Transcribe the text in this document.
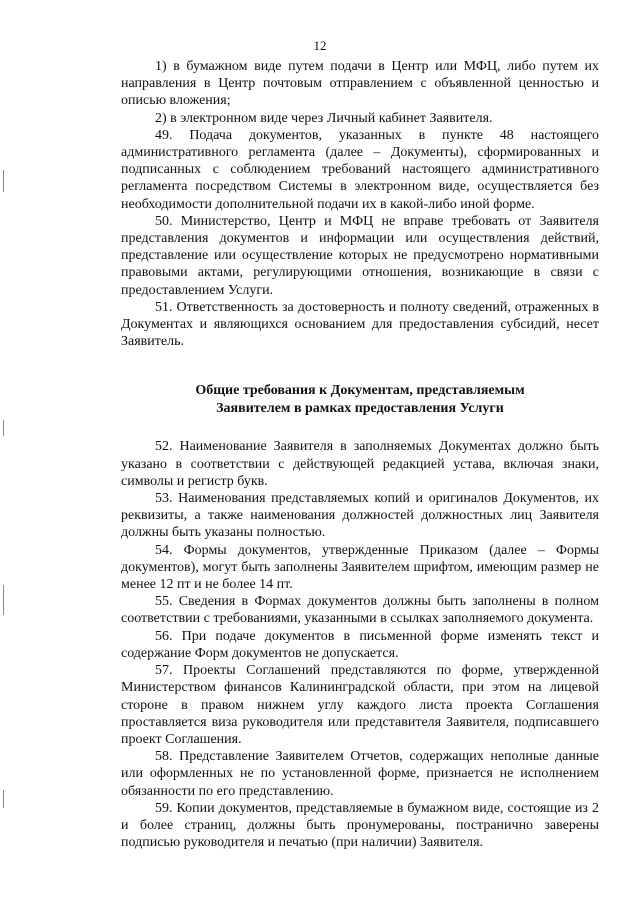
12

1) в бумажном виде путем подачи в Центр или МФЦ, либо путем их направления в Центр почтовым отправлением с объявленной ценностью и описью вложения;

2) в электронном виде через Личный кабинет Заявителя.

49. Подача документов, указанных в пункте 48 настоящего административного регламента (далее – Документы), сформированных и подписанных с соблюдением требований настоящего административного регламента посредством Системы в электронном виде, осуществляется без необходимости дополнительной подачи их в какой-либо иной форме.

50. Министерство, Центр и МФЦ не вправе требовать от Заявителя представления документов и информации или осуществления действий, представление или осуществление которых не предусмотрено нормативными правовыми актами, регулирующими отношения, возникающие в связи с предоставлением Услуги.

51. Ответственность за достоверность и полноту сведений, отраженных в Документах и являющихся основанием для предоставления субсидий, несет Заявитель.

Общие требования к Документам, представляемым
Заявителем в рамках предоставления Услуги

52. Наименование Заявителя в заполняемых Документах должно быть указано в соответствии с действующей редакцией устава, включая знаки, символы и регистр букв.

53. Наименования представляемых копий и оригиналов Документов, их реквизиты, а также наименования должностей должностных лиц Заявителя должны быть указаны полностью.

54. Формы документов, утвержденные Приказом (далее – Формы документов), могут быть заполнены Заявителем шрифтом, имеющим размер не менее 12 пт и не более 14 пт.

55. Сведения в Формах документов должны быть заполнены в полном соответствии с требованиями, указанными в ссылках заполняемого документа.

56. При подаче документов в письменной форме изменять текст и содержание Форм документов не допускается.

57. Проекты Соглашений представляются по форме, утвержденной Министерством финансов Калининградской области, при этом на лицевой стороне в правом нижнем углу каждого листа проекта Соглашения проставляется виза руководителя или представителя Заявителя, подписавшего проект Соглашения.

58. Представление Заявителем Отчетов, содержащих неполные данные или оформленных не по установленной форме, признается не исполнением обязанности по его представлению.

59. Копии документов, представляемые в бумажном виде, состоящие из 2 и более страниц, должны быть пронумерованы, постранично заверены подписью руководителя и печатью (при наличии) Заявителя.
